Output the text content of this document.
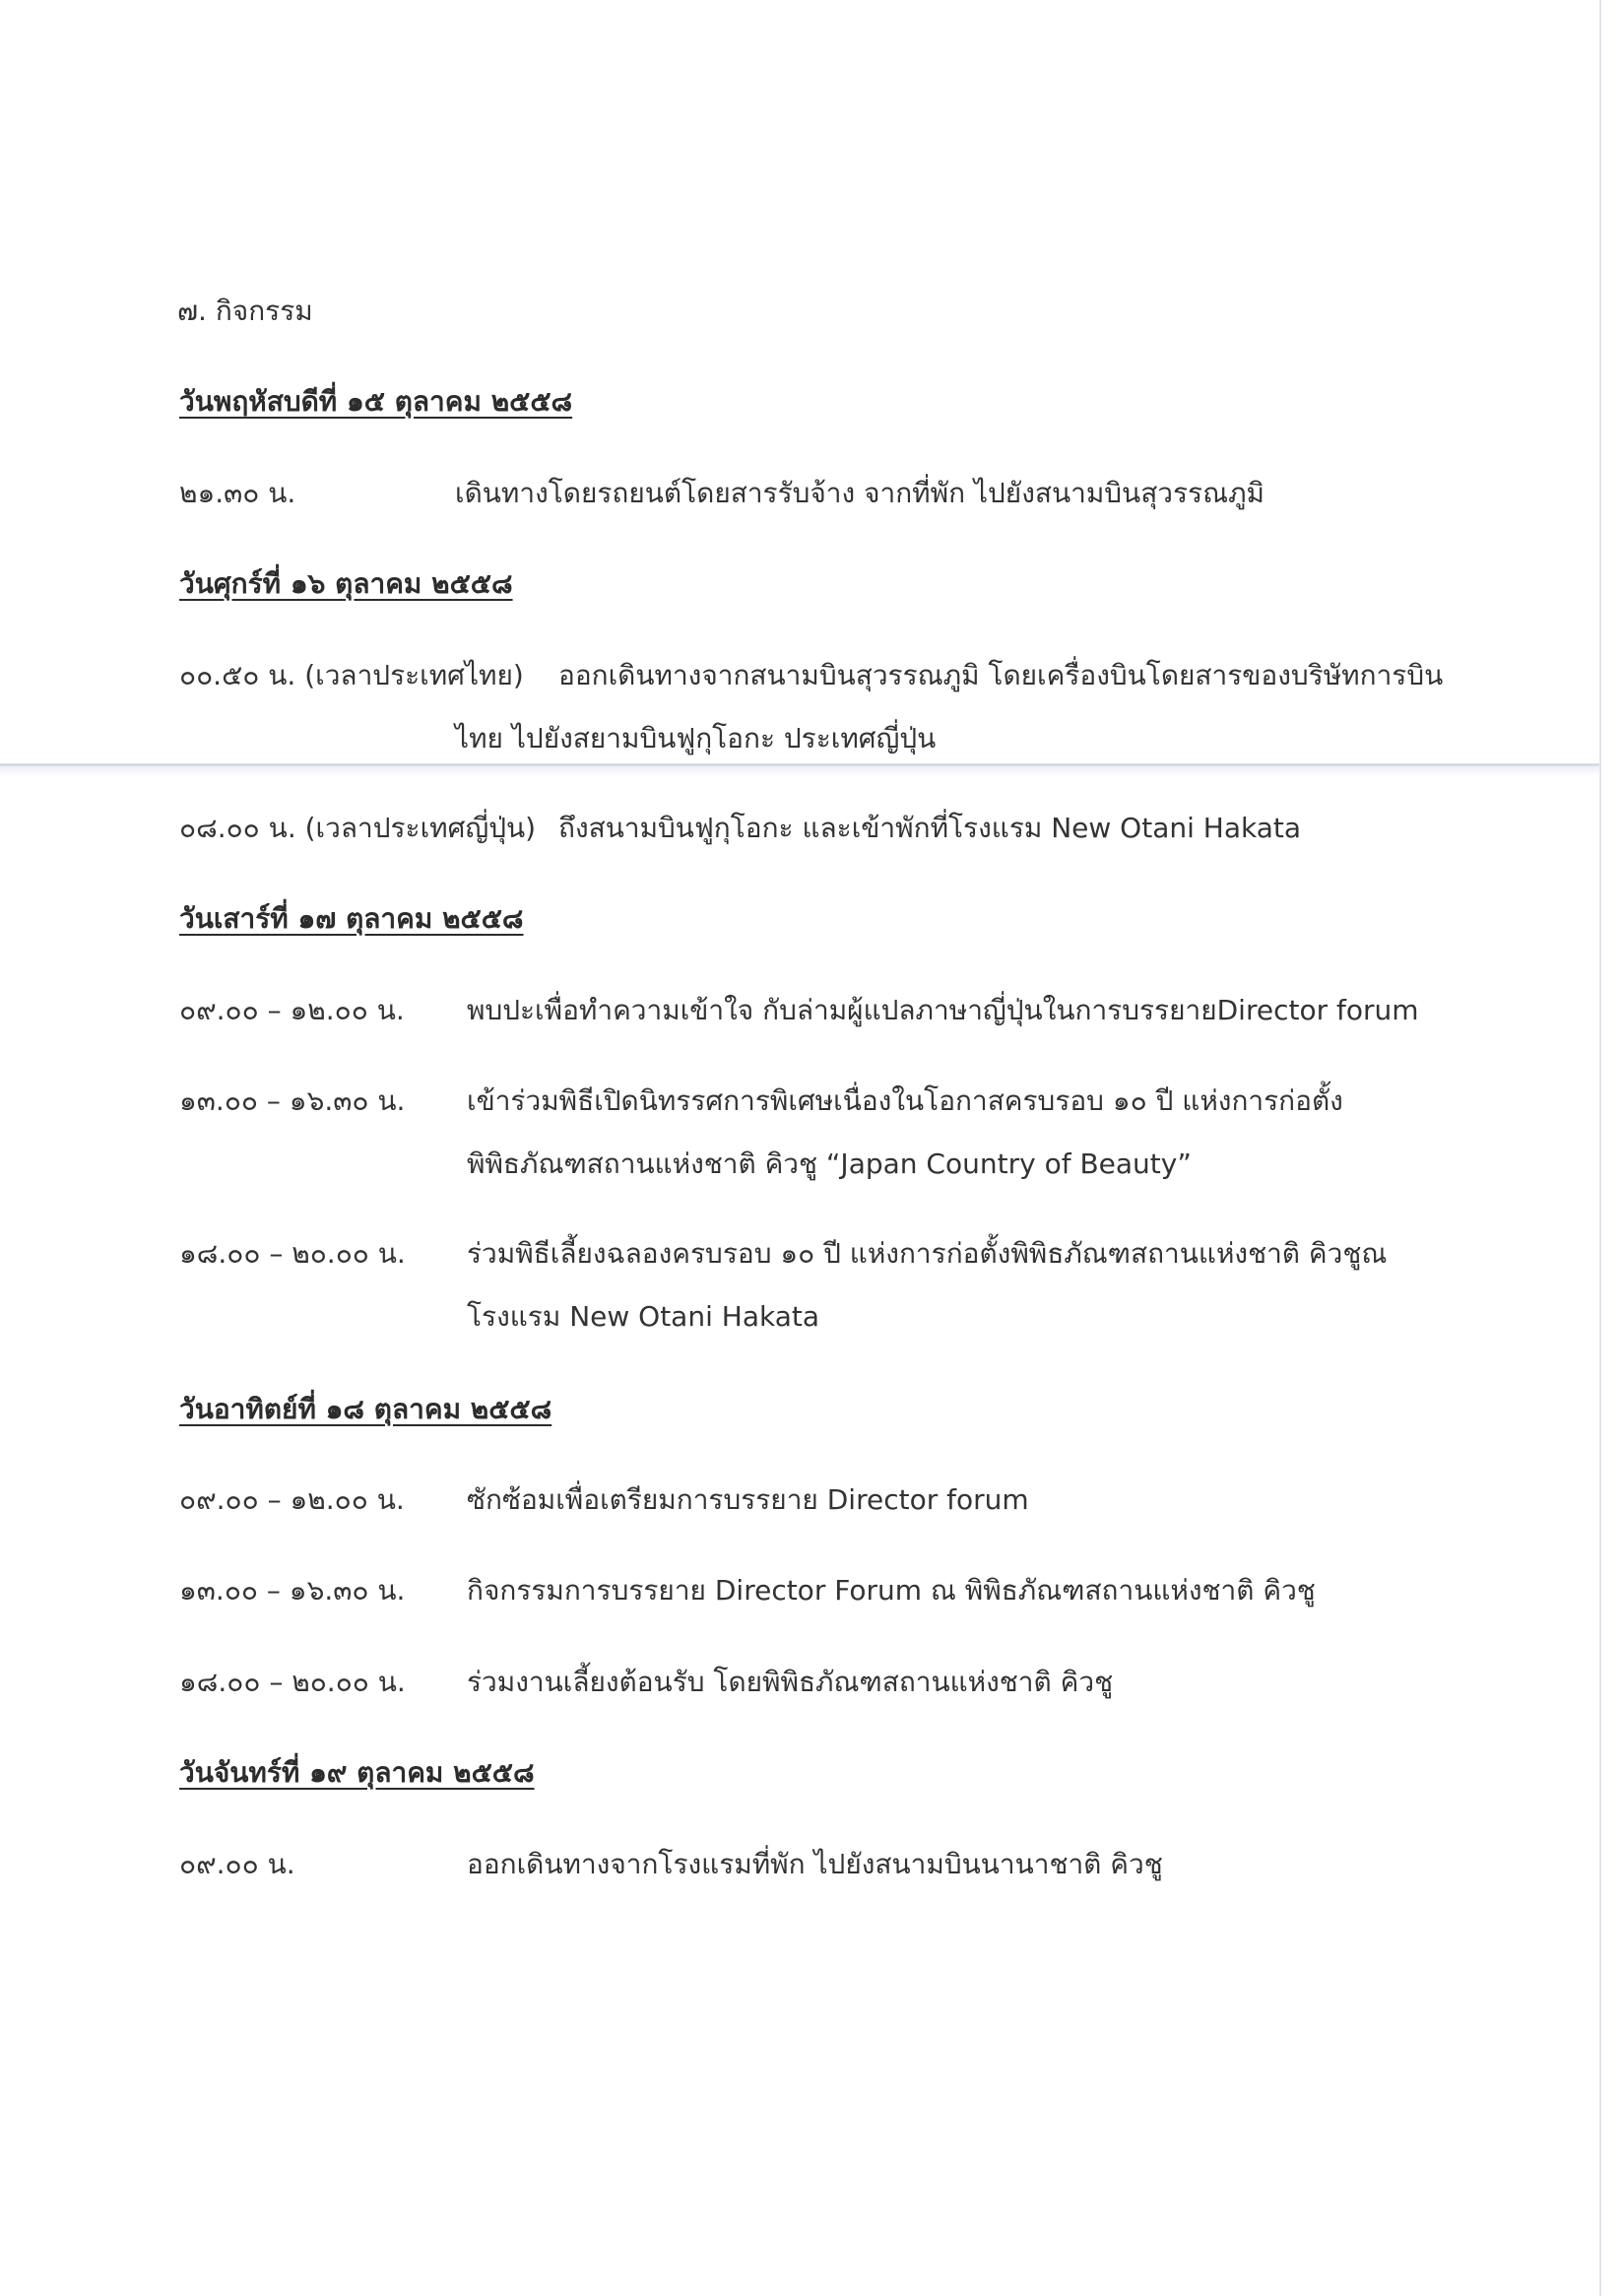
๗. กิจกรรม
วันพฤหัสบดีที่ ๑๕ ตุลาคม ๒๕๕๘
๒๑.๓๐ น.	เดินทางโดยรถยนต์โดยสารรับจ้าง จากที่พัก ไปยังสนามบินสุวรรณภูมิ
วันศุกร์ที่ ๑๖ ตุลาคม ๒๕๕๘
๐๐.๕๐ น. (เวลาประเทศไทย) ออกเดินทางจากสนามบินสุวรรณภูมิ โดยเครื่องบินโดยสารของบริษัทการบิน
ไทย ไปยังสยามบินฟูกุโอกะ ประเทศญี่ปุ่น
๐๘.๐๐ น. (เวลาประเทศญี่ปุ่น) ถึงสนามบินฟูกุโอกะ และเข้าพักที่โรงแรม New Otani Hakata
วันเสาร์ที่ ๑๗ ตุลาคม ๒๕๕๘
๐๙.๐๐ – ๑๒.๐๐ น. พบปะเพื่อทำความเข้าใจ กับล่ามผู้แปลภาษาญี่ปุ่นในการบรรยายDirector forum
๑๓.๐๐ – ๑๖.๓๐ น. เข้าร่วมพิธีเปิดนิทรรศการพิเศษเนื่องในโอกาสครบรอบ ๑๐ ปี แห่งการก่อตั้ง
พิพิธภัณฑสถานแห่งชาติ คิวชู “Japan Country of Beauty”
๑๘.๐๐ – ๒๐.๐๐ น. ร่วมพิธีเลี้ยงฉลองครบรอบ ๑๐ ปี แห่งการก่อตั้งพิพิธภัณฑสถานแห่งชาติ คิวชูณ
โรงแรม New Otani Hakata
วันอาทิตย์ที่ ๑๘ ตุลาคม ๒๕๕๘
๐๙.๐๐ – ๑๒.๐๐ น. ซักซ้อมเพื่อเตรียมการบรรยาย Director forum
๑๓.๐๐ – ๑๖.๓๐ น. กิจกรรมการบรรยาย Director Forum ณ พิพิธภัณฑสถานแห่งชาติ คิวชู
๑๘.๐๐ – ๒๐.๐๐ น. ร่วมงานเลี้ยงต้อนรับ โดยพิพิธภัณฑสถานแห่งชาติ คิวชู
วันจันทร์ที่ ๑๙ ตุลาคม ๒๕๕๘
๐๙.๐๐ น.	ออกเดินทางจากโรงแรมที่พัก ไปยังสนามบินนานาชาติ คิวชู
